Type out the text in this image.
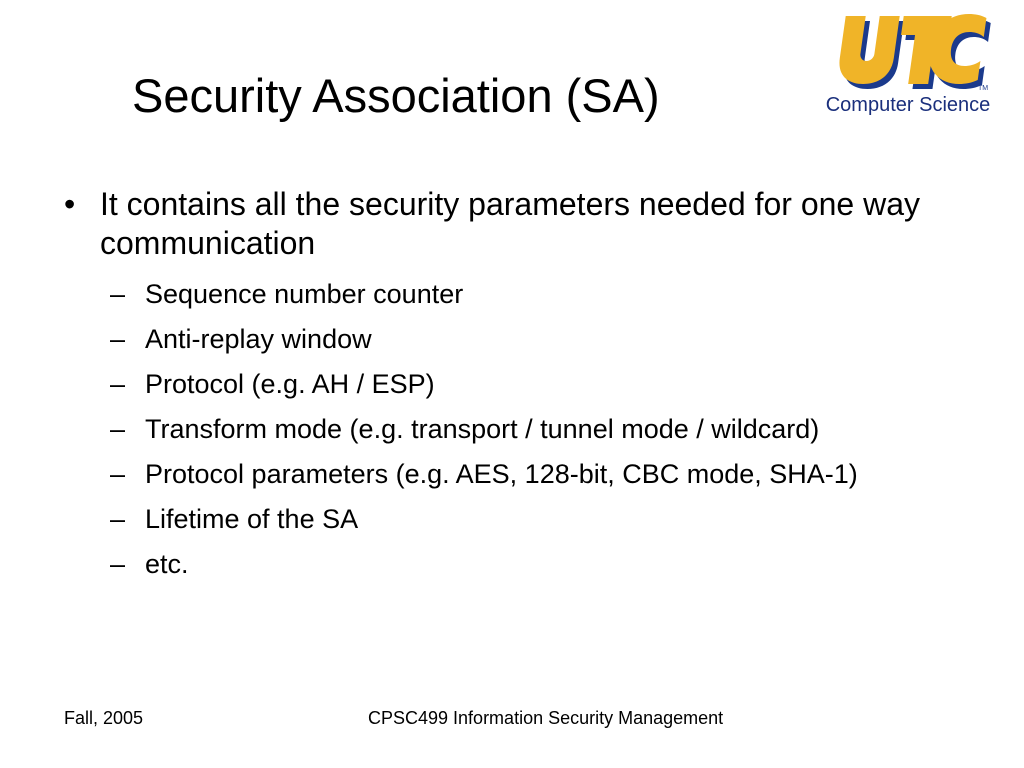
Security Association (SA)	TM
Computer Science
• It contains all the security parameters needed for one way communication
– Sequence number counter
– Anti-replay window
– Protocol (e.g. AH / ESP)
– Transform mode (e.g. transport / tunnel mode / wildcard)
– Protocol parameters (e.g. AES, 128-bit, CBC mode, SHA-1)
– Lifetime of the SA
– etc.
Fall, 2005	CPSC499 Information Security Management
